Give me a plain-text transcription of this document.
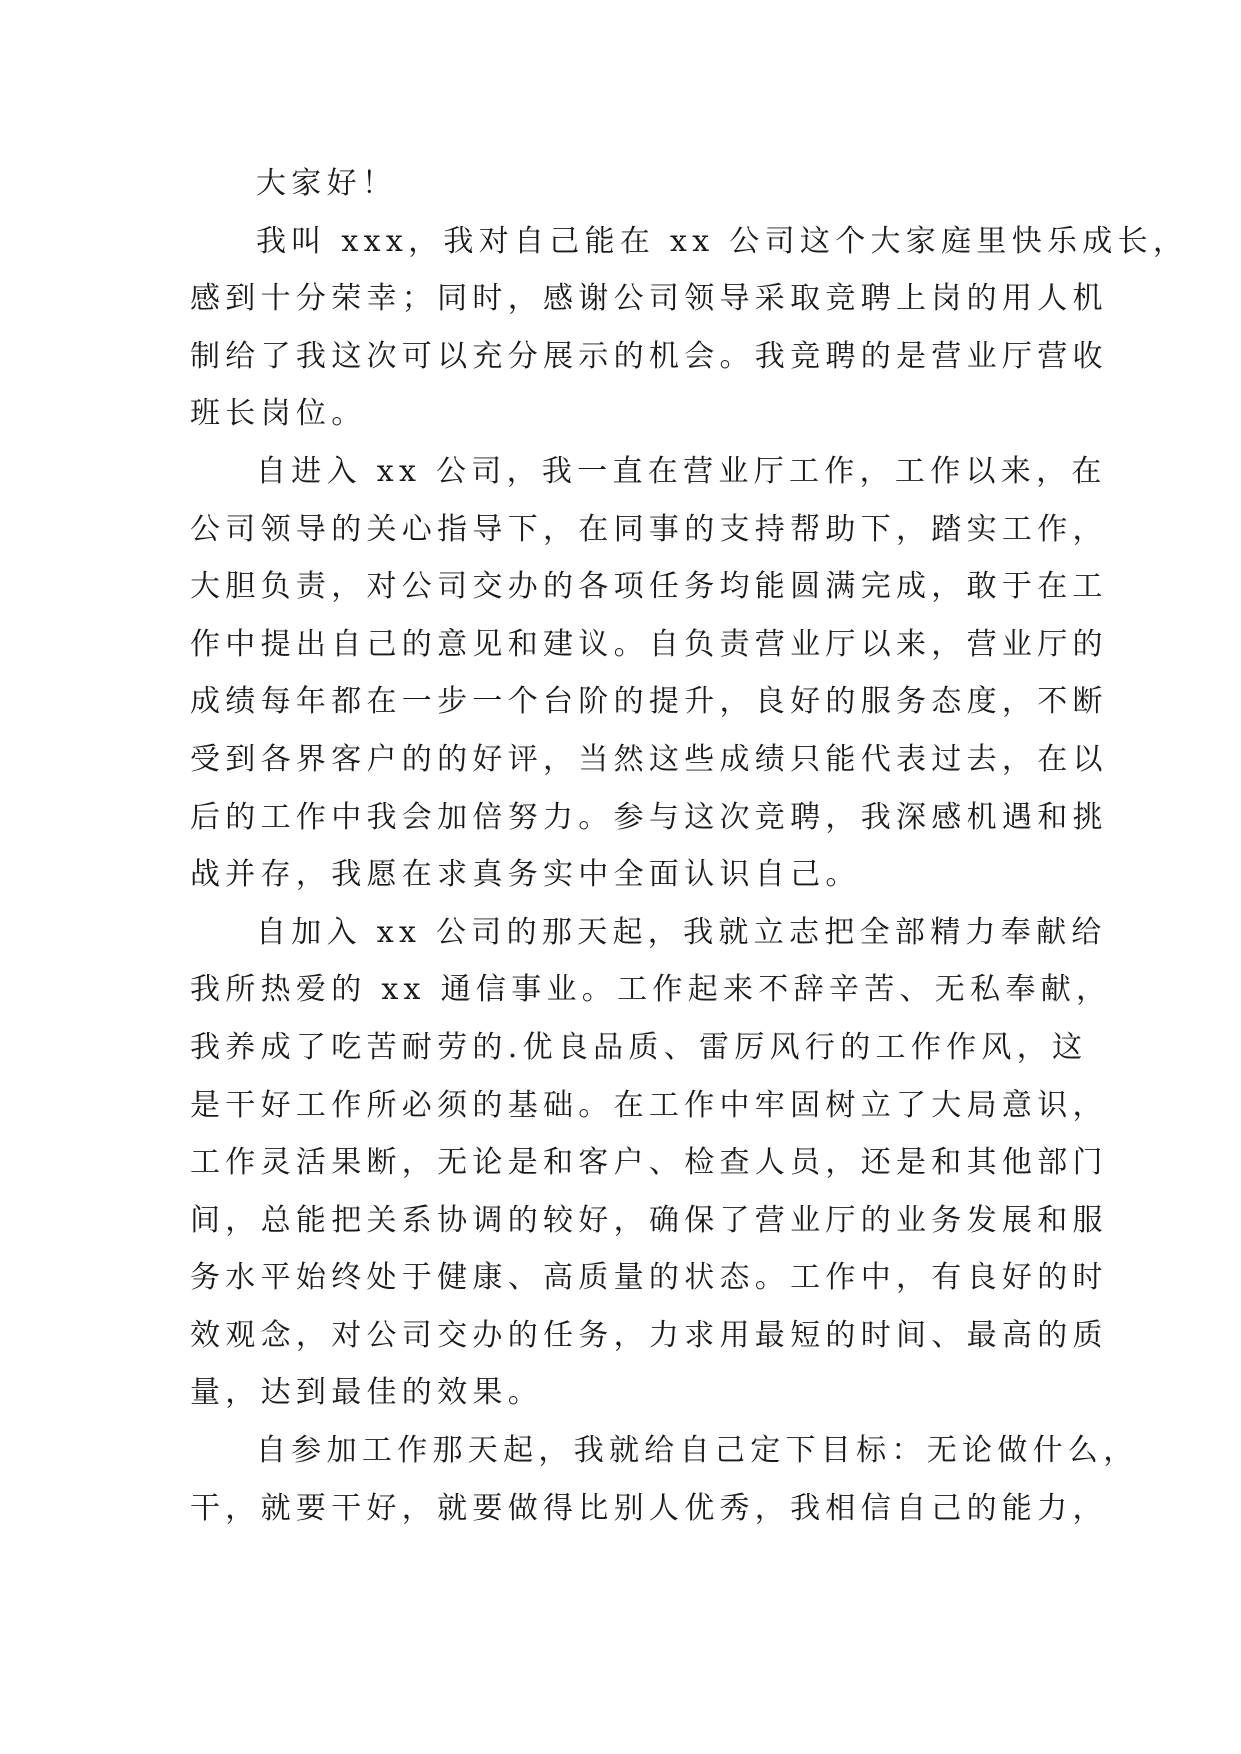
大家好！
我叫 xxx，我对自己能在 xx 公司这个大家庭里快乐成长，
感到十分荣幸；同时，感谢公司领导采取竞聘上岗的用人机
制给了我这次可以充分展示的机会。我竞聘的是营业厅营收
班长岗位。
自进入 xx 公司，我一直在营业厅工作，工作以来，在
公司领导的关心指导下，在同事的支持帮助下，踏实工作，
大胆负责，对公司交办的各项任务均能圆满完成，敢于在工
作中提出自己的意见和建议。自负责营业厅以来，营业厅的
成绩每年都在一步一个台阶的提升，良好的服务态度，不断
受到各界客户的的好评，当然这些成绩只能代表过去，在以
后的工作中我会加倍努力。参与这次竞聘，我深感机遇和挑
战并存，我愿在求真务实中全面认识自己。
自加入 xx 公司的那天起，我就立志把全部精力奉献给
我所热爱的 xx 通信事业。工作起来不辞辛苦、无私奉献，
我养成了吃苦耐劳的.优良品质、雷厉风行的工作作风，这
是干好工作所必须的基础。在工作中牢固树立了大局意识，
工作灵活果断，无论是和客户、检查人员，还是和其他部门
间，总能把关系协调的较好，确保了营业厅的业务发展和服
务水平始终处于健康、高质量的状态。工作中，有良好的时
效观念，对公司交办的任务，力求用最短的时间、最高的质
量，达到最佳的效果。
自参加工作那天起，我就给自己定下目标：无论做什么，
干，就要干好，就要做得比别人优秀，我相信自己的能力，
